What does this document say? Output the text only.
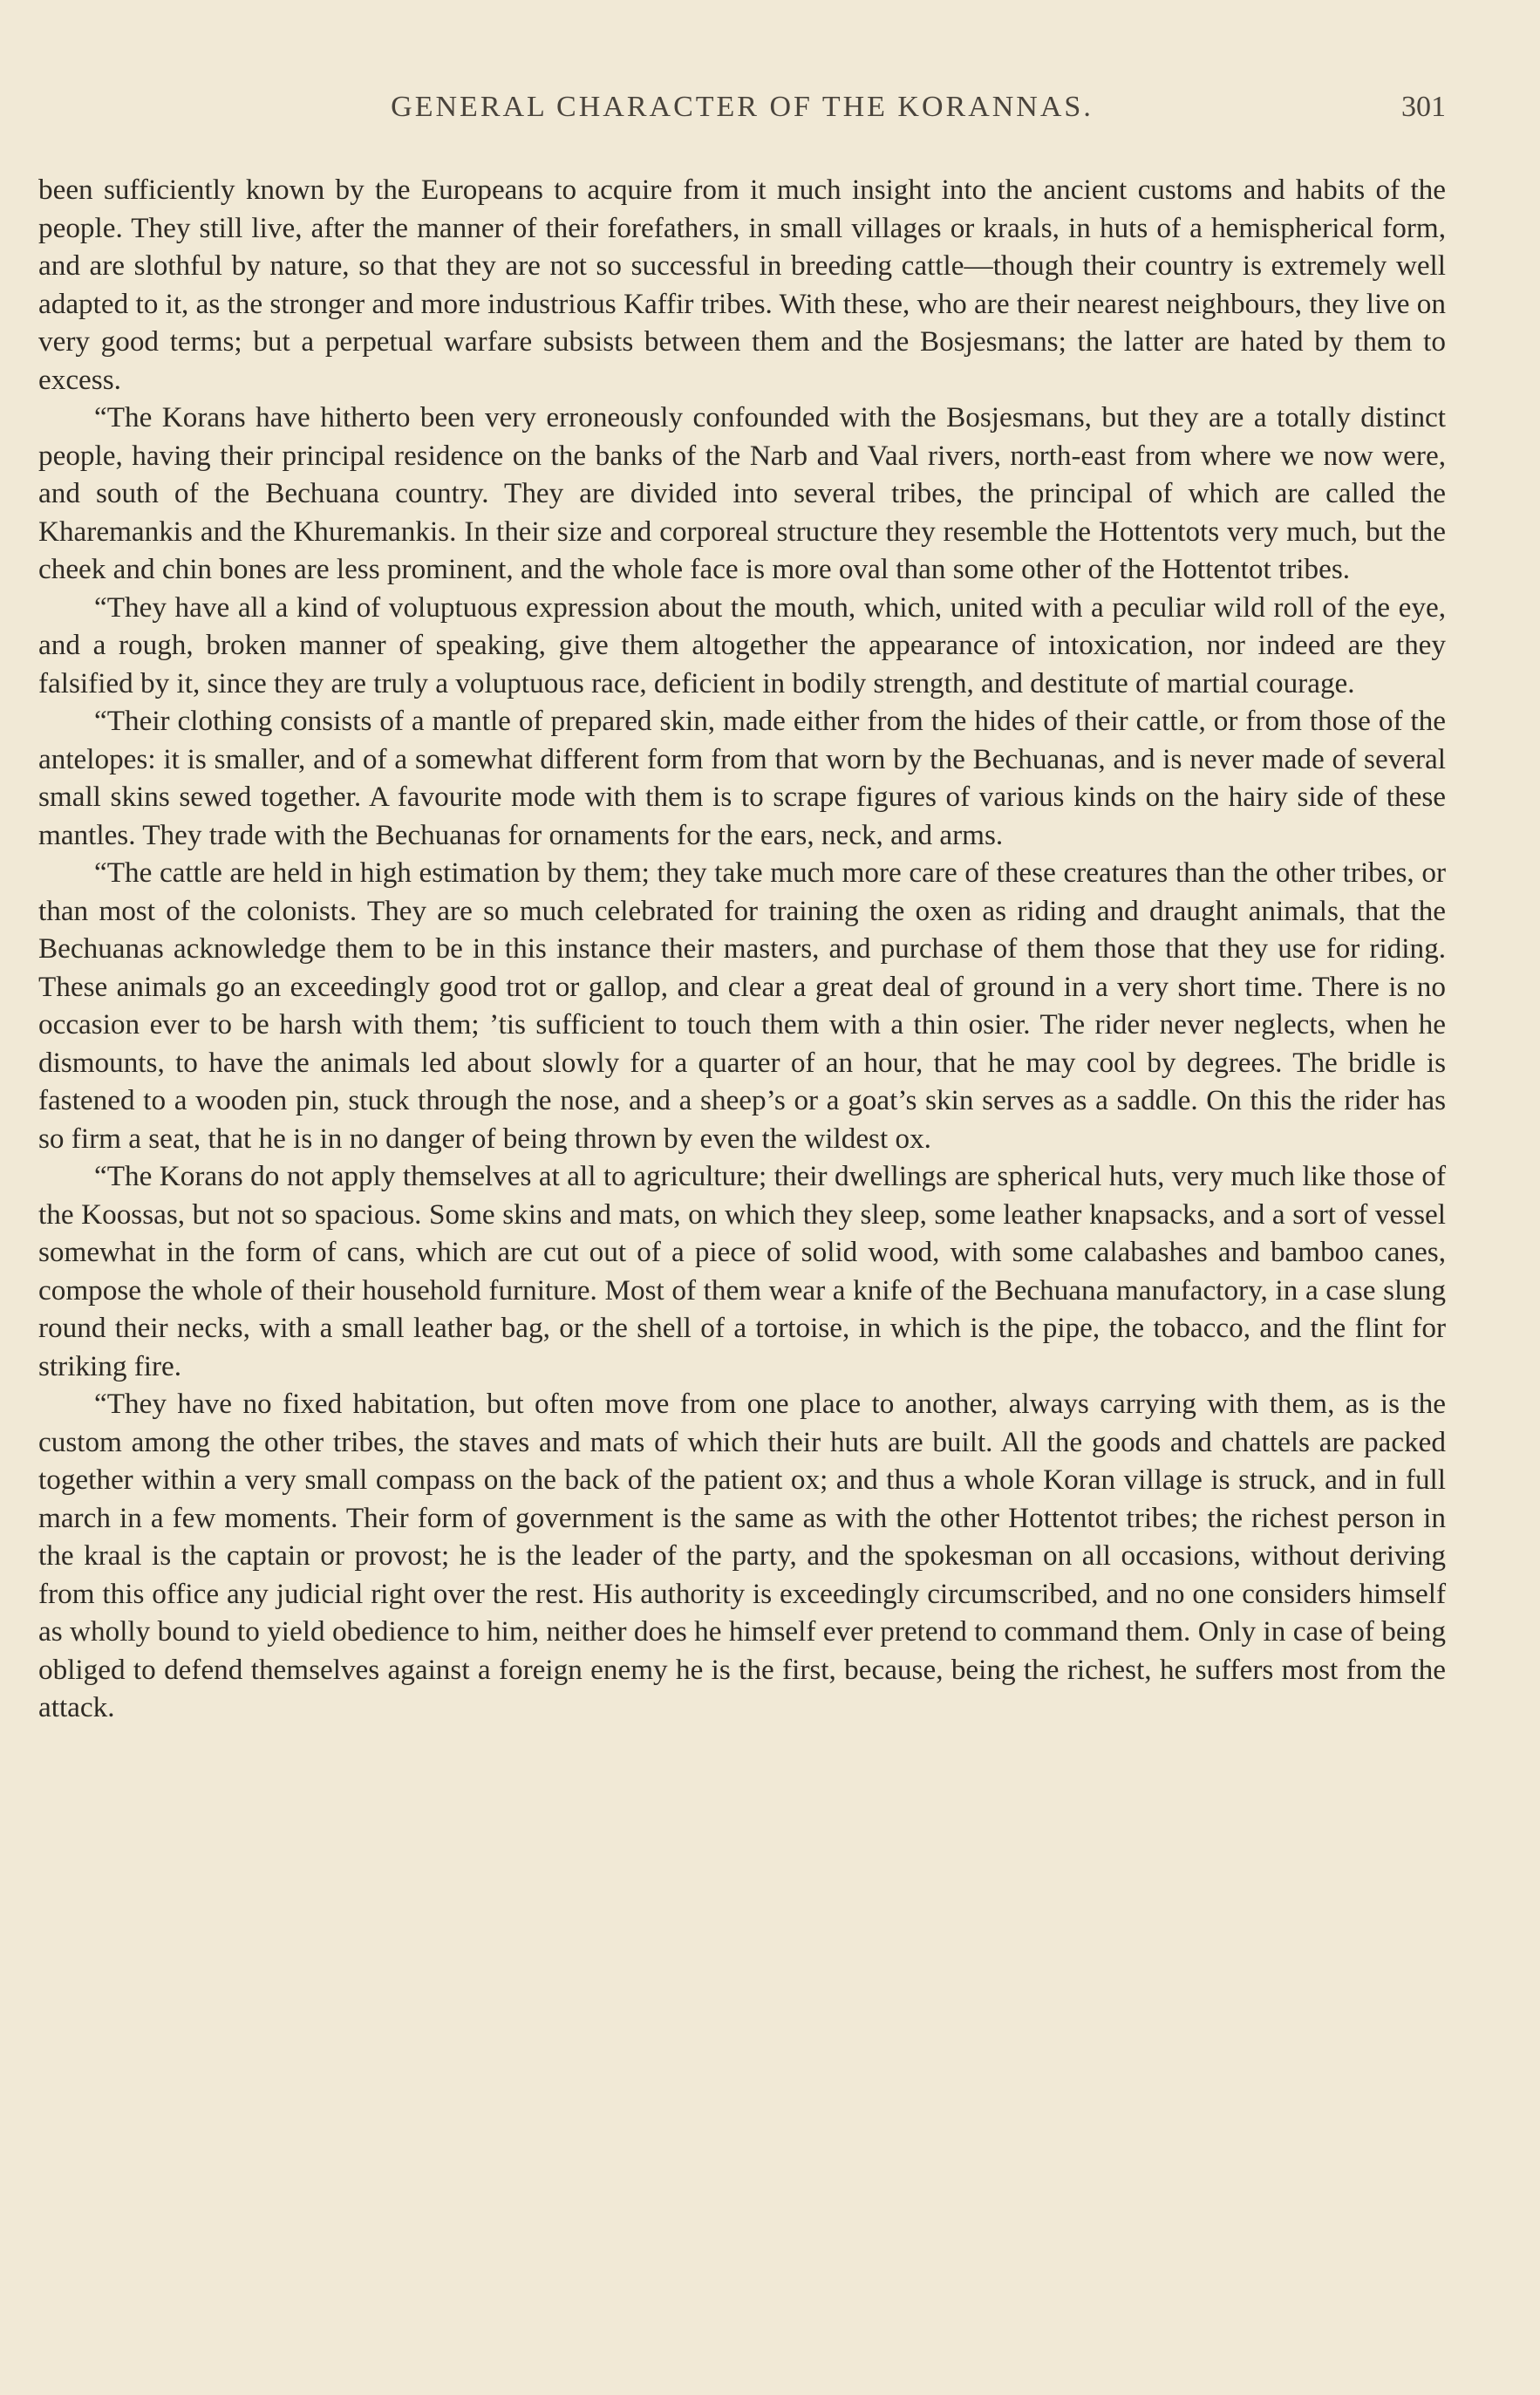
GENERAL CHARACTER OF THE KORANNAS.	301

been sufficiently known by the Europeans to acquire from it much insight into the ancient customs and habits of the people. They still live, after the manner of their forefathers, in small villages or kraals, in huts of a hemispherical form, and are slothful by nature, so that they are not so successful in breeding cattle—though their country is extremely well adapted to it, as the stronger and more industrious Kaffir tribes. With these, who are their nearest neighbours, they live on very good terms; but a perpetual warfare subsists between them and the Bosjesmans; the latter are hated by them to excess.

“The Korans have hitherto been very erroneously confounded with the Bosjesmans, but they are a totally distinct people, having their principal residence on the banks of the Narb and Vaal rivers, north-east from where we now were, and south of the Bechuana country. They are divided into several tribes, the principal of which are called the Kharemankis and the Khuremankis. In their size and corporeal structure they resemble the Hottentots very much, but the cheek and chin bones are less prominent, and the whole face is more oval than some other of the Hottentot tribes.

“They have all a kind of voluptuous expression about the mouth, which, united with a peculiar wild roll of the eye, and a rough, broken manner of speaking, give them altogether the appearance of intoxication, nor indeed are they falsified by it, since they are truly a voluptuous race, deficient in bodily strength, and destitute of martial courage.

“Their clothing consists of a mantle of prepared skin, made either from the hides of their cattle, or from those of the antelopes: it is smaller, and of a somewhat different form from that worn by the Bechuanas, and is never made of several small skins sewed together. A favourite mode with them is to scrape figures of various kinds on the hairy side of these mantles. They trade with the Bechuanas for ornaments for the ears, neck, and arms.

“The cattle are held in high estimation by them; they take much more care of these creatures than the other tribes, or than most of the colonists. They are so much celebrated for training the oxen as riding and draught animals, that the Bechuanas acknowledge them to be in this instance their masters, and purchase of them those that they use for riding. These animals go an exceedingly good trot or gallop, and clear a great deal of ground in a very short time. There is no occasion ever to be harsh with them; ’tis sufficient to touch them with a thin osier. The rider never neglects, when he dismounts, to have the animals led about slowly for a quarter of an hour, that he may cool by degrees. The bridle is fastened to a wooden pin, stuck through the nose, and a sheep’s or a goat’s skin serves as a saddle. On this the rider has so firm a seat, that he is in no danger of being thrown by even the wildest ox.

“The Korans do not apply themselves at all to agriculture; their dwellings are spherical huts, very much like those of the Koossas, but not so spacious. Some skins and mats, on which they sleep, some leather knapsacks, and a sort of vessel somewhat in the form of cans, which are cut out of a piece of solid wood, with some calabashes and bamboo canes, compose the whole of their household furniture. Most of them wear a knife of the Bechuana manufactory, in a case slung round their necks, with a small leather bag, or the shell of a tortoise, in which is the pipe, the tobacco, and the flint for striking fire.

“They have no fixed habitation, but often move from one place to another, always carrying with them, as is the custom among the other tribes, the staves and mats of which their huts are built. All the goods and chattels are packed together within a very small compass on the back of the patient ox; and thus a whole Koran village is struck, and in full march in a few moments. Their form of government is the same as with the other Hottentot tribes; the richest person in the kraal is the captain or provost; he is the leader of the party, and the spokesman on all occasions, without deriving from this office any judicial right over the rest. His authority is exceedingly circumscribed, and no one considers himself as wholly bound to yield obedience to him, neither does he himself ever pretend to command them. Only in case of being obliged to defend themselves against a foreign enemy he is the first, because, being the richest, he suffers most from the attack.
